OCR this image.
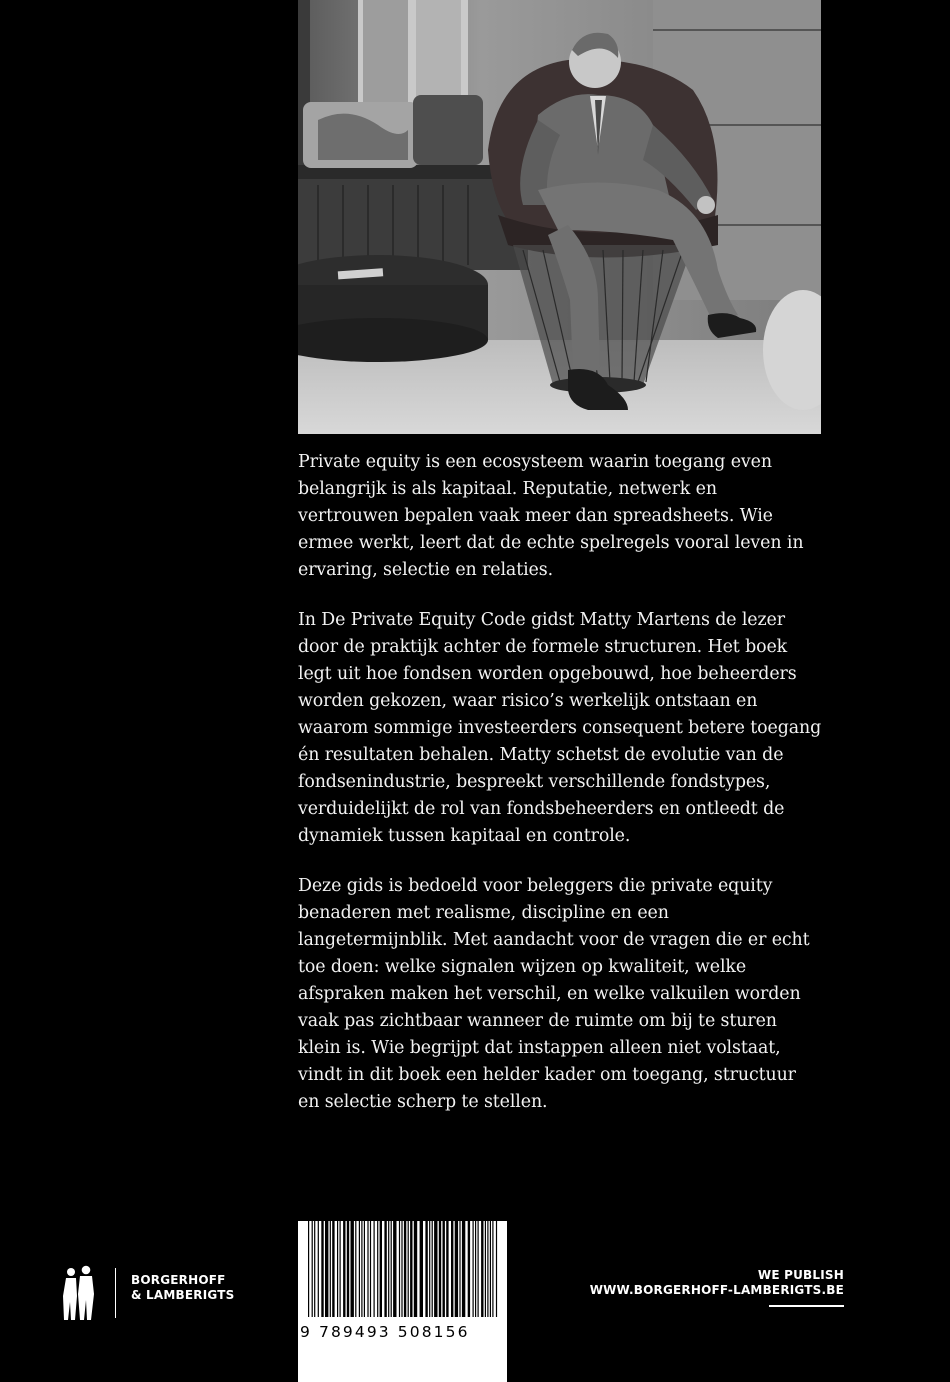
Private equity is een ecosysteem waarin toegang even belangrijk is als kapitaal. Reputatie, netwerk en vertrouwen bepalen vaak meer dan spreadsheets. Wie ermee werkt, leert dat de echte spelregels vooral leven in ervaring, selectie en relaties.

In De Private Equity Code gidst Matty Martens de lezer door de praktijk achter de formele structuren. Het boek legt uit hoe fondsen worden opgebouwd, hoe beheerders worden gekozen, waar risico’s werkelijk ontstaan en waarom sommige investeerders consequent betere toegang én resultaten behalen. Matty schetst de evolutie van de fondsenindustrie, bespreekt verschillende fondstypes, verduidelijkt de rol van fondsbeheerders en ontleedt de dynamiek tussen kapitaal en controle.

Deze gids is bedoeld voor beleggers die private equity benaderen met realisme, discipline en een langetermijnblik. Met aandacht voor de vragen die er echt toe doen: welke signalen wijzen op kwaliteit, welke afspraken maken het verschil, en welke valkuilen worden vaak pas zichtbaar wanneer de ruimte om bij te sturen klein is. Wie begrijpt dat instappen alleen niet volstaat, vindt in dit boek een helder kader om toegang, structuur en selectie scherp te stellen.

9 789493 508156
BORGERHOFF
& LAMBERIGTS
WE PUBLISH
WWW.BORGERHOFF-LAMBERIGTS.BE
